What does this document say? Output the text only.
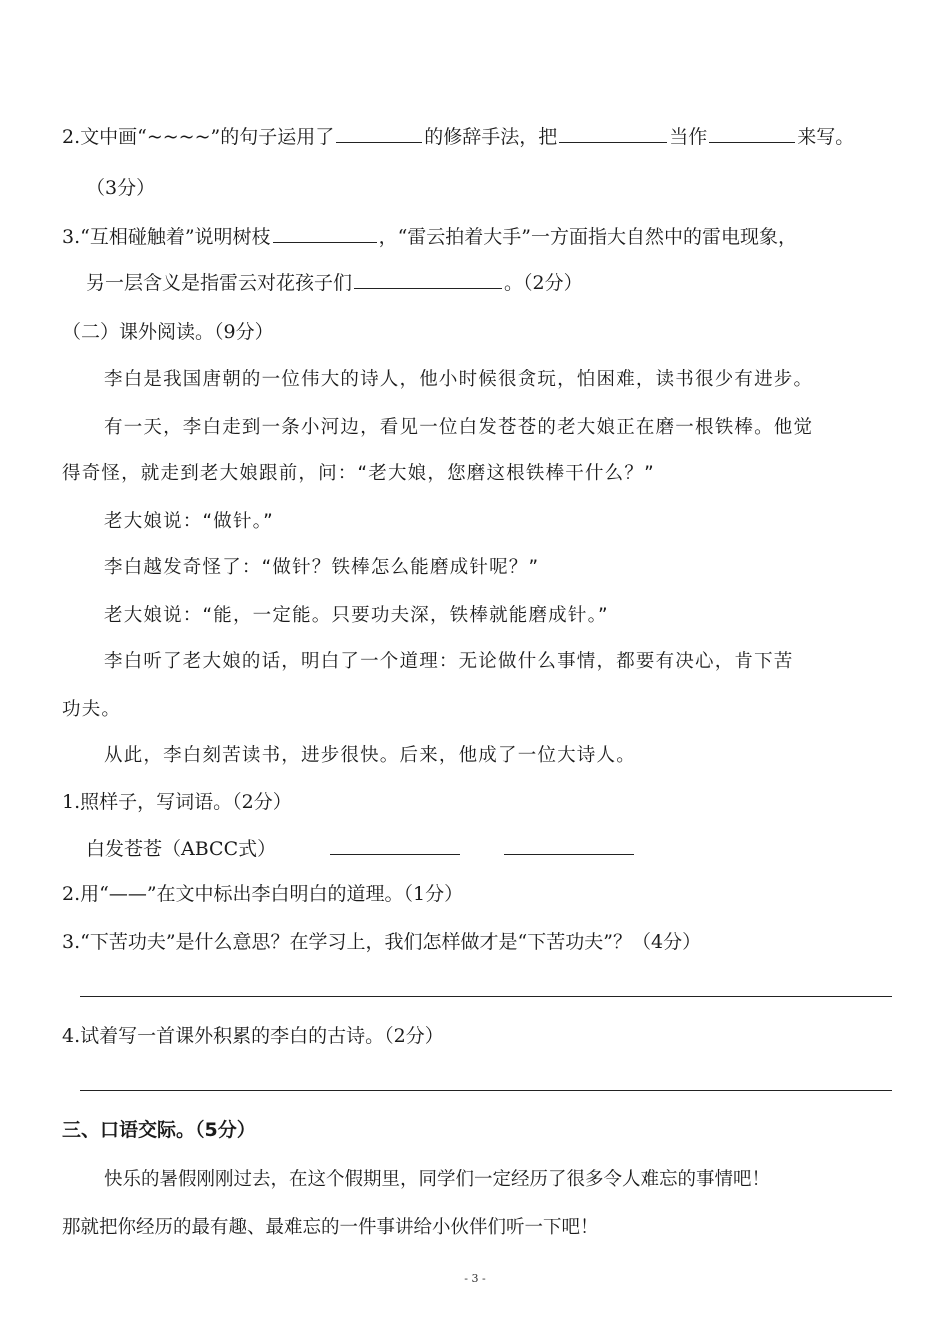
2.文中画“~~~~”的句子运用了	的修辞手法，把	当作	来写。
（3分）
3.“互相碰触着”说明树枝	，“雷云拍着大手”一方面指大自然中的雷电现象，
另一层含义是指雷云对花孩子们	。（2分）
（二）课外阅读。（9分）
李白是我国唐朝的一位伟大的诗人，他小时候很贪玩，怕困难，读书很少有进步。
有一天，李白走到一条小河边，看见一位白发苍苍的老大娘正在磨一根铁棒。他觉
得奇怪，就走到老大娘跟前，问：“老大娘，您磨这根铁棒干什么？”
老大娘说：“做针。”
李白越发奇怪了：“做针？铁棒怎么能磨成针呢？”
老大娘说：“能，一定能。只要功夫深，铁棒就能磨成针。”
李白听了老大娘的话，明白了一个道理：无论做什么事情，都要有决心，肯下苦
功夫。
从此，李白刻苦读书，进步很快。后来，他成了一位大诗人。
1.照样子，写词语。（2分）
白发苍苍（ABCC式）
2.用“——”在文中标出李白明白的道理。（1分）
3.“下苦功夫”是什么意思？在学习上，我们怎样做才是“下苦功夫”？（4分）
4.试着写一首课外积累的李白的古诗。（2分）
三、口语交际。（5分）
快乐的暑假刚刚过去，在这个假期里，同学们一定经历了很多令人难忘的事情吧！
那就把你经历的最有趣、最难忘的一件事讲给小伙伴们听一下吧！
- 3 -
